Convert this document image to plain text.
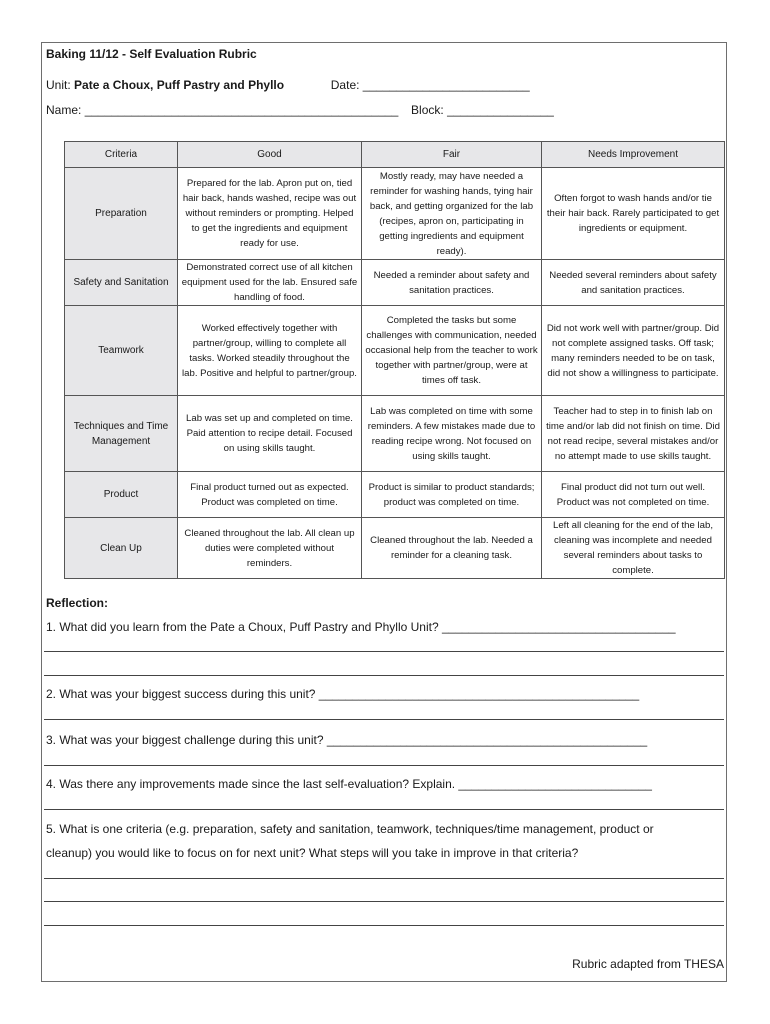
Baking 11/12 - Self Evaluation Rubric
Unit: Pate a Choux, Puff Pastry and Phyllo	Date: _________________________
Name: _______________________________________________ Block: ________________
Criteria	Good	Fair	Needs Improvement
Preparation	Prepared for the lab. Apron put on, tied hair back, hands washed, recipe was out without reminders or prompting. Helped to get the ingredients and equipment ready for use.	Mostly ready, may have needed a reminder for washing hands, tying hair back, and getting organized for the lab (recipes, apron on, participating in getting ingredients and equipment ready).	Often forgot to wash hands and/or tie their hair back. Rarely participated to get ingredients or equipment.
Safety and Sanitation	Demonstrated correct use of all kitchen equipment used for the lab. Ensured safe handling of food.	Needed a reminder about safety and sanitation practices.	Needed several reminders about safety and sanitation practices.
Teamwork	Worked effectively together with partner/group, willing to complete all tasks. Worked steadily throughout the lab. Positive and helpful to partner/group.	Completed the tasks but some challenges with communication, needed occasional help from the teacher to work together with partner/group, were at times off task.	Did not work well with partner/group. Did not complete assigned tasks. Off task; many reminders needed to be on task, did not show a willingness to participate.
Techniques and Time Management	Lab was set up and completed on time. Paid attention to recipe detail. Focused on using skills taught.	Lab was completed on time with some reminders. A few mistakes made due to reading recipe wrong. Not focused on using skills taught.	Teacher had to step in to finish lab on time and/or lab did not finish on time. Did not read recipe, several mistakes and/or no attempt made to use skills taught.
Product	Final product turned out as expected. Product was completed on time.	Product is similar to product standards; product was completed on time.	Final product did not turn out well. Product was not completed on time.
Clean Up	Cleaned throughout the lab. All clean up duties were completed without reminders.	Cleaned throughout the lab. Needed a reminder for a cleaning task.	Left all cleaning for the end of the lab, cleaning was incomplete and needed several reminders about tasks to complete.
Reflection:
1. What did you learn from the Pate a Choux, Puff Pastry and Phyllo Unit? ___________________________________
2. What was your biggest success during this unit? ________________________________________________
3. What was your biggest challenge during this unit? ________________________________________________
4. Was there any improvements made since the last self-evaluation? Explain. _____________________________
5. What is one criteria (e.g. preparation, safety and sanitation, teamwork, techniques/time management, product or
cleanup) you would like to focus on for next unit? What steps will you take in improve in that criteria?
Rubric adapted from THESA
